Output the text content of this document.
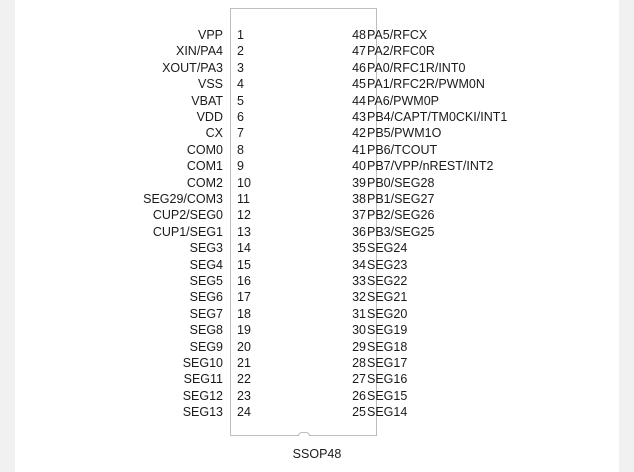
VPP 1
XIN/PA4 2
XOUT/PA3 3
VSS 4
VBAT 5
VDD 6
CX 7
COM0 8
COM1 9
COM2 10
SEG29/COM3 11
CUP2/SEG0 12
CUP1/SEG1 13
SEG3 14
SEG4 15
SEG5 16
SEG6 17
SEG7 18
SEG8 19
SEG9 20
SEG10 21
SEG11 22
SEG12 23
SEG13 24
48 PA5/RFCX
47 PA2/RFC0R
46 PA0/RFC1R/INT0
45 PA1/RFC2R/PWM0N
44 PA6/PWM0P
43 PB4/CAPT/TM0CKI/INT1
42 PB5/PWM1O
41 PB6/TCOUT
40 PB7/VPP/nREST/INT2
39 PB0/SEG28
38 PB1/SEG27
37 PB2/SEG26
36 PB3/SEG25
35 SEG24
34 SEG23
33 SEG22
32 SEG21
31 SEG20
30 SEG19
29 SEG18
28 SEG17
27 SEG16
26 SEG15
25 SEG14
SSOP48
